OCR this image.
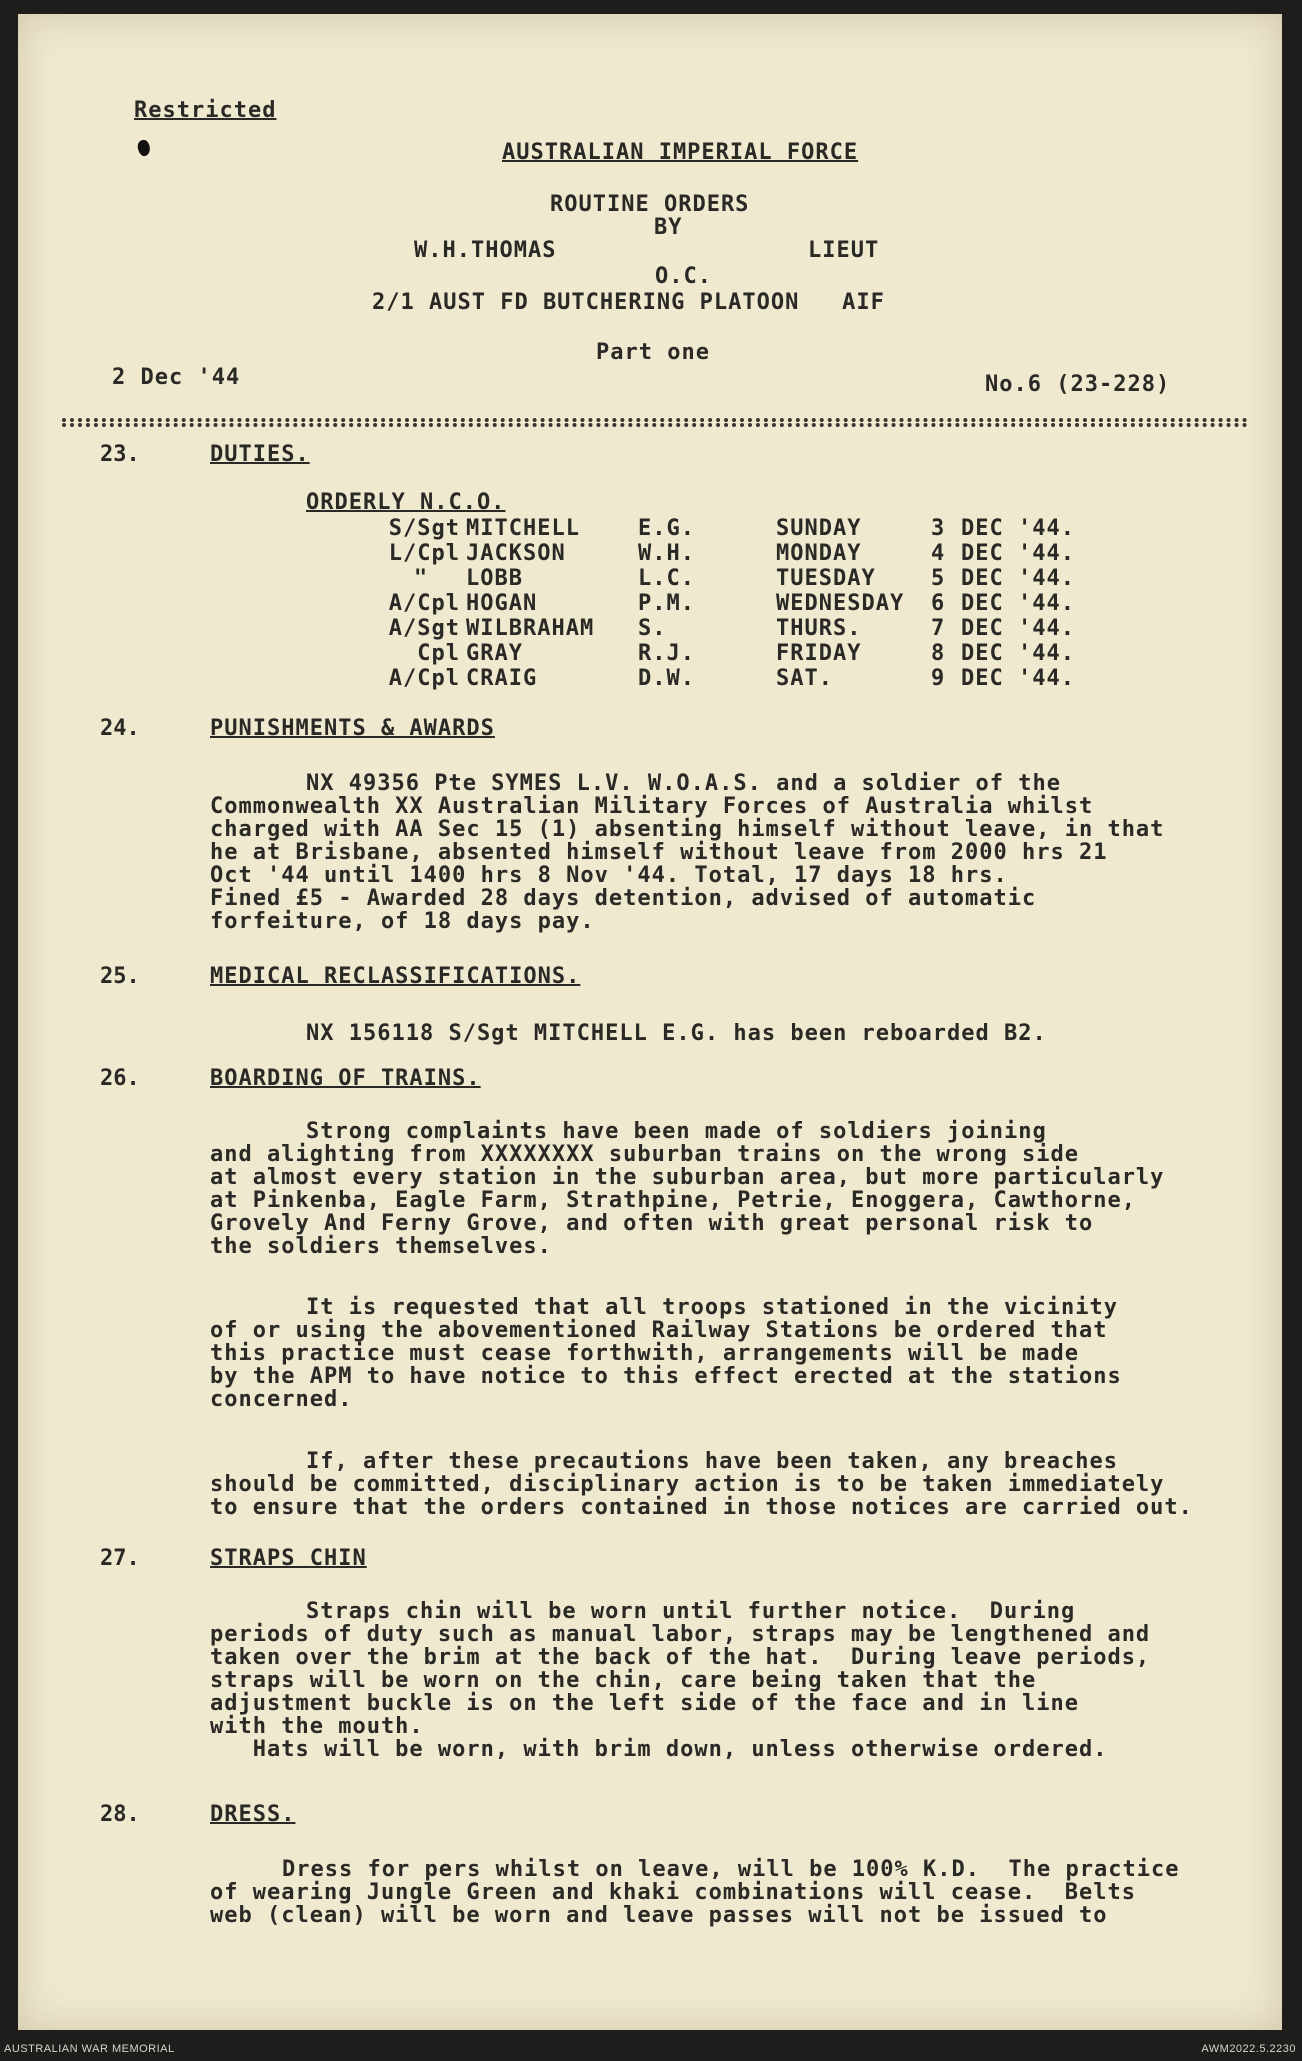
Restricted
AUSTRALIAN IMPERIAL FORCE
ROUTINE ORDERS
BY
W.H.THOMAS	LIEUT
O.C.
2/1 AUST FD BUTCHERING PLATOON   AIF
Part one
2 Dec '44	No.6 (23-228)
23.	DUTIES.
ORDERLY N.C.O.
S/Sgt	MITCHELL	E.G.	SUNDAY	3	DEC '44.
L/Cpl	JACKSON	W.H.	MONDAY	4	DEC '44.
"	LOBB	L.C.	TUESDAY	5	DEC '44.
A/Cpl	HOGAN	P.M.	WEDNESDAY	6	DEC '44.
A/Sgt	WILBRAHAM	S.	THURS.	7	DEC '44.
Cpl	GRAY	R.J.	FRIDAY	8	DEC '44.
A/Cpl	CRAIG	D.W.	SAT.	9	DEC '44.
24.	PUNISHMENTS & AWARDS
NX 49356 Pte SYMES L.V. W.O.A.S. and a soldier of the
Commonwealth XX Australian Military Forces of Australia whilst
charged with AA Sec 15 (1) absenting himself without leave, in that
he at Brisbane, absented himself without leave from 2000 hrs 21
Oct '44 until 1400 hrs 8 Nov '44. Total, 17 days 18 hrs.
Fined £5 - Awarded 28 days detention, advised of automatic
forfeiture, of 18 days pay.
25.	MEDICAL RECLASSIFICATIONS.
NX 156118 S/Sgt MITCHELL E.G. has been reboarded B2.
26.	BOARDING OF TRAINS.
Strong complaints have been made of soldiers joining
and alighting from XXXXXXXX suburban trains on the wrong side
at almost every station in the suburban area, but more particularly
at Pinkenba, Eagle Farm, Strathpine, Petrie, Enoggera, Cawthorne,
Grovely And Ferny Grove, and often with great personal risk to
the soldiers themselves.
It is requested that all troops stationed in the vicinity
of or using the abovementioned Railway Stations be ordered that
this practice must cease forthwith, arrangements will be made
by the APM to have notice to this effect erected at the stations
concerned.
If, after these precautions have been taken, any breaches
should be committed, disciplinary action is to be taken immediately
to ensure that the orders contained in those notices are carried out.
27.	STRAPS CHIN
Straps chin will be worn until further notice.  During
periods of duty such as manual labor, straps may be lengthened and
taken over the brim at the back of the hat.  During leave periods,
straps will be worn on the chin, care being taken that the
adjustment buckle is on the left side of the face and in line
with the mouth.
Hats will be worn, with brim down, unless otherwise ordered.
28.	DRESS.
Dress for pers whilst on leave, will be 100% K.D.  The practice
of wearing Jungle Green and khaki combinations will cease.  Belts
web (clean) will be worn and leave passes will not be issued to
AUSTRALIAN WAR MEMORIAL	AWM2022.5.2230
